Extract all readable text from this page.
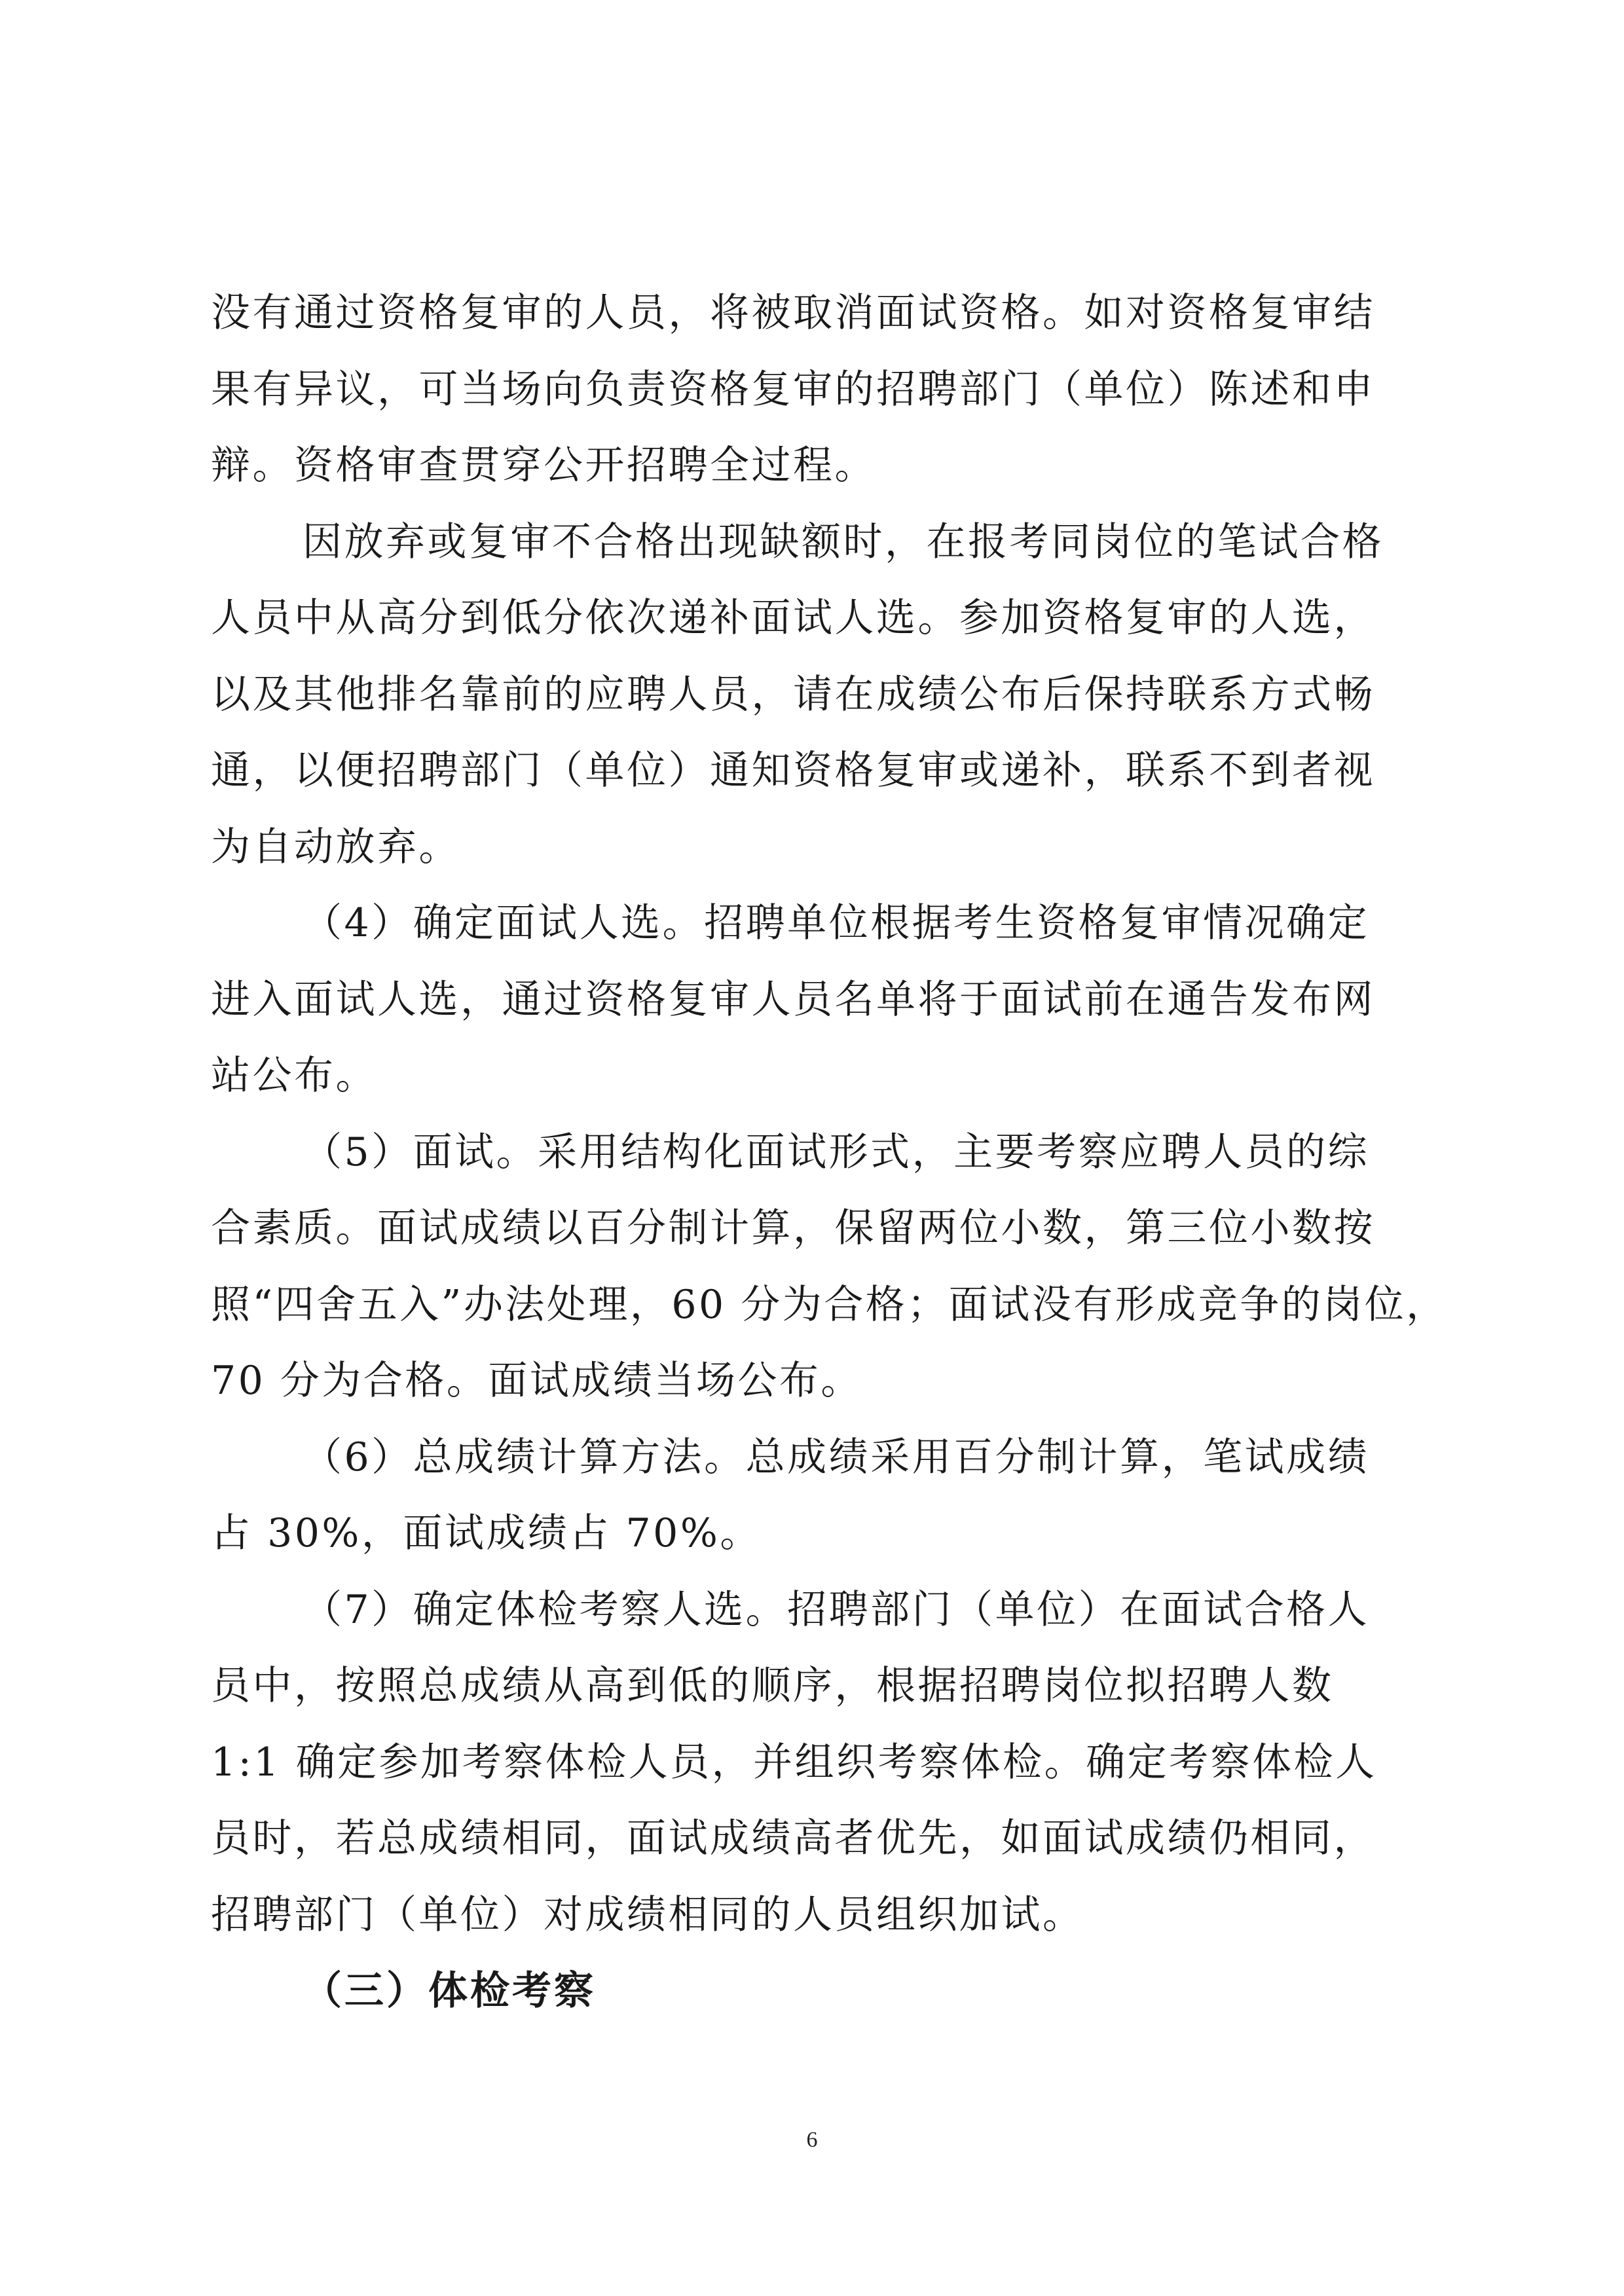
没有通过资格复审的人员，将被取消面试资格。如对资格复审结
果有异议，可当场向负责资格复审的招聘部门（单位）陈述和申
辩。资格审查贯穿公开招聘全过程。
因放弃或复审不合格出现缺额时，在报考同岗位的笔试合格
人员中从高分到低分依次递补面试人选。参加资格复审的人选，
以及其他排名靠前的应聘人员，请在成绩公布后保持联系方式畅
通，以便招聘部门（单位）通知资格复审或递补，联系不到者视
为自动放弃。
（4）确定面试人选。招聘单位根据考生资格复审情况确定
进入面试人选，通过资格复审人员名单将于面试前在通告发布网
站公布。
（5）面试。采用结构化面试形式，主要考察应聘人员的综
合素质。面试成绩以百分制计算，保留两位小数，第三位小数按
照“四舍五入”办法处理，60 分为合格；面试没有形成竞争的岗位，
70 分为合格。面试成绩当场公布。
（6）总成绩计算方法。总成绩采用百分制计算，笔试成绩
占 30%，面试成绩占 70%。
（7）确定体检考察人选。招聘部门（单位）在面试合格人
员中，按照总成绩从高到低的顺序，根据招聘岗位拟招聘人数
1:1 确定参加考察体检人员，并组织考察体检。确定考察体检人
员时，若总成绩相同，面试成绩高者优先，如面试成绩仍相同，
招聘部门（单位）对成绩相同的人员组织加试。
（三）体检考察
6
